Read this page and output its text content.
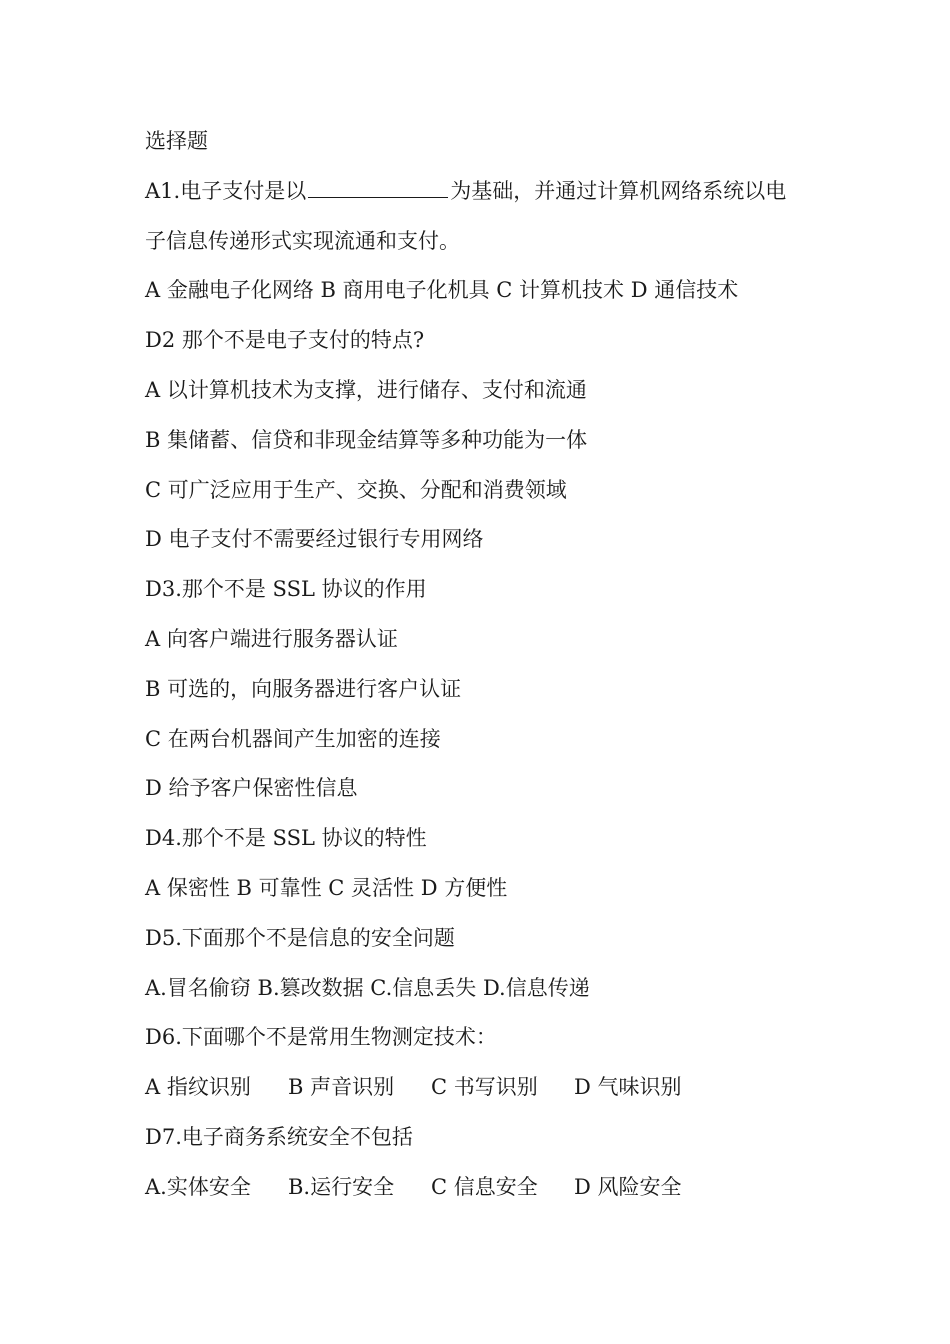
选择题
A1.电子支付是以	为基础，并通过计算机网络系统以电
子信息传递形式实现流通和支付。
A 金融电子化网络 B 商用电子化机具 C 计算机技术 D 通信技术
D2 那个不是电子支付的特点?
A 以计算机技术为支撑，进行储存、支付和流通
B 集储蓄、信贷和非现金结算等多种功能为一体
C 可广泛应用于生产、交换、分配和消费领域
D 电子支付不需要经过银行专用网络
D3.那个不是 SSL 协议的作用
A 向客户端进行服务器认证
B 可选的，向服务器进行客户认证
C 在两台机器间产生加密的连接
D 给予客户保密性信息
D4.那个不是 SSL 协议的特性
A 保密性 B 可靠性 C 灵活性 D 方便性
D5.下面那个不是信息的安全问题
A.冒名偷窃 B.篡改数据 C.信息丢失 D.信息传递
D6.下面哪个不是常用生物测定技术：
A 指纹识别 B 声音识别 C 书写识别 D 气味识别
D7.电子商务系统安全不包括
A.实体安全 B.运行安全 C 信息安全 D 风险安全
